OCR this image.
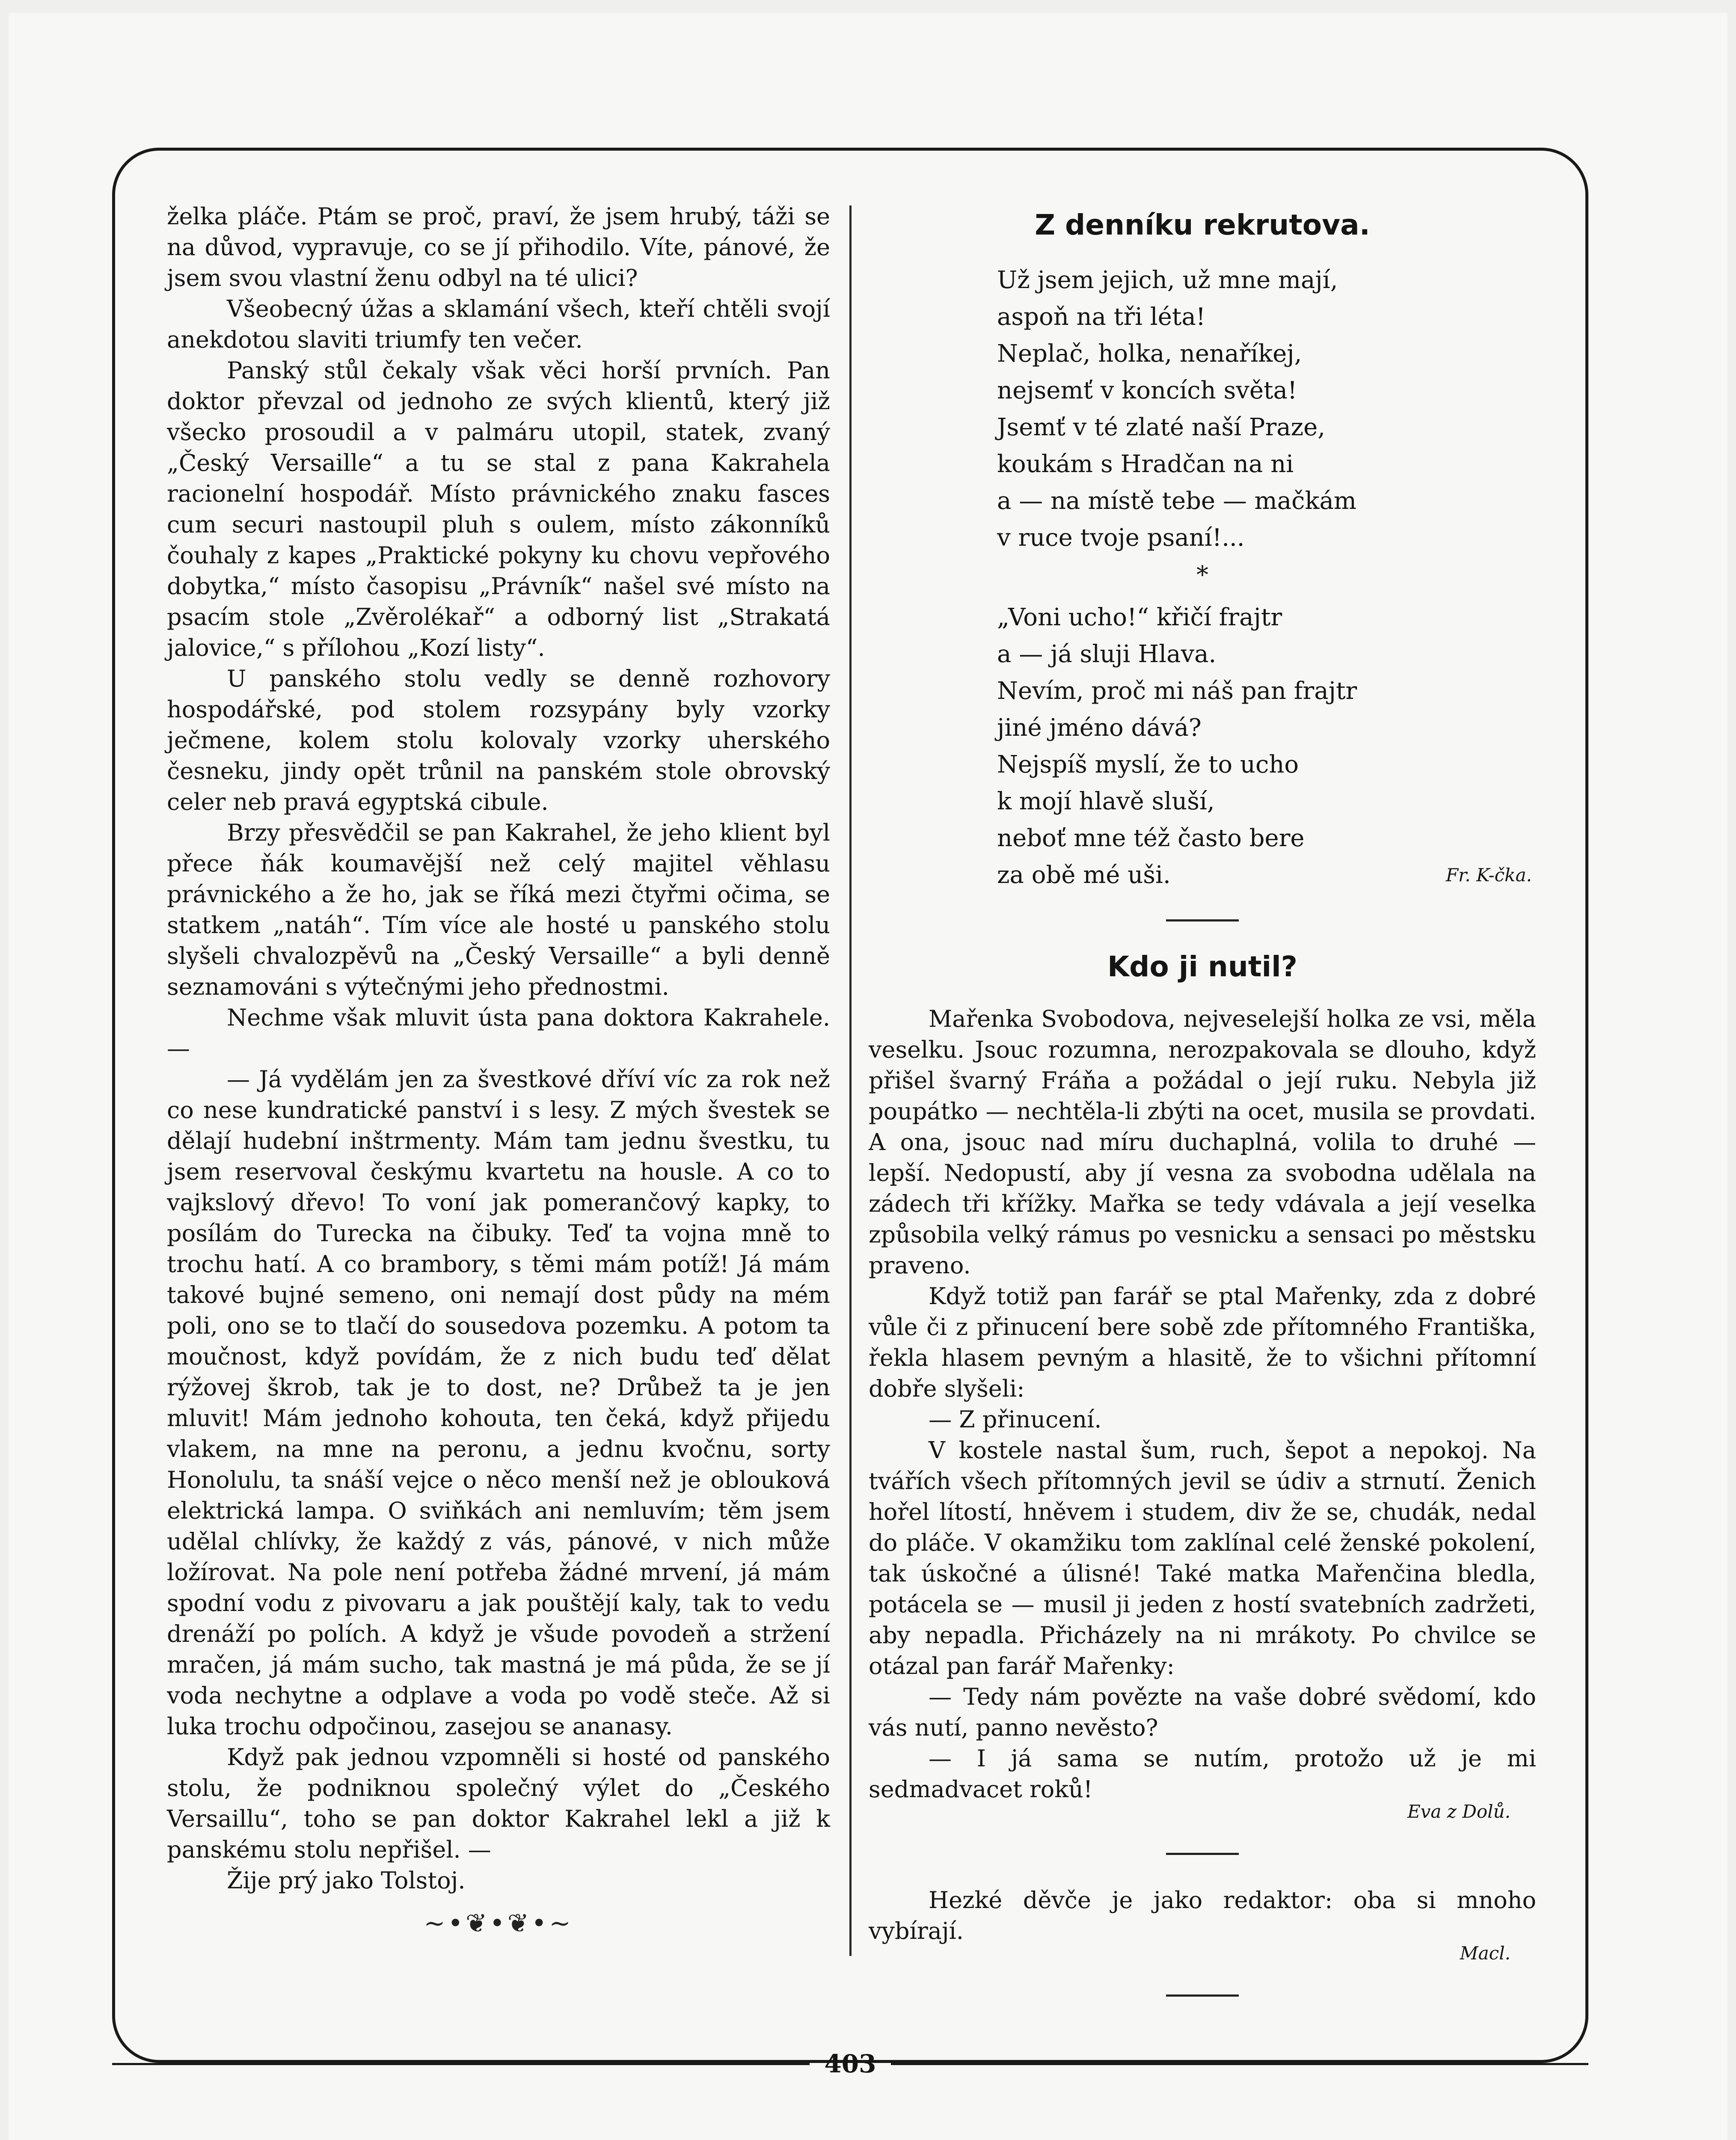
želka pláče. Ptám se proč, praví, že jsem hrubý, táži se na důvod, vypravuje, co se jí přihodilo. Víte, pánové, že jsem svou vlastní ženu odbyl na té ulici?

Všeobecný úžas a sklamání všech, kteří chtěli svojí anekdotou slaviti triumfy ten večer.

Panský stůl čekaly však věci horší prvních. Pan doktor převzal od jednoho ze svých klientů, který již všecko prosoudil a v palmáru utopil, statek, zvaný „Český Versaille“ a tu se stal z pana Kakrahela racionelní hospodář. Místo právnického znaku fasces cum securi nastoupil pluh s oulem, místo zákonníků čouhaly z kapes „Praktické pokyny ku chovu vepřového dobytka,“ místo časopisu „Právník“ našel své místo na psacím stole „Zvěrolékař“ a odborný list „Strakatá jalovice,“ s přílohou „Kozí listy“.

U panského stolu vedly se denně rozhovory hospodářské, pod stolem rozsypány byly vzorky ječmene, kolem stolu kolovaly vzorky uherského česneku, jindy opět trůnil na panském stole obrovský celer neb pravá egyptská cibule.

Brzy přesvědčil se pan Kakrahel, že jeho klient byl přece ňák koumavější než celý majitel věhlasu právnického a že ho, jak se říká mezi čtyřmi očima, se statkem „natáh“. Tím více ale hosté u panského stolu slyšeli chvalozpěvů na „Český Versaille“ a byli denně seznamováni s výtečnými jeho přednostmi.

Nechme však mluvit ústa pana doktora Kakrahele. —

— Já vydělám jen za švestkové dříví víc za rok než co nese kundratické panství i s lesy. Z mých švestek se dělají hudební inštrmenty. Mám tam jednu švestku, tu jsem reservoval českýmu kvartetu na housle. A co to vajkslový dřevo! To voní jak pomerančový kapky, to posílám do Turecka na čibuky. Teď ta vojna mně to trochu hatí. A co brambory, s těmi mám potíž! Já mám takové bujné semeno, oni nemají dost půdy na mém poli, ono se to tlačí do sousedova pozemku. A potom ta moučnost, když povídám, že z nich budu teď dělat rýžovej škrob, tak je to dost, ne? Drůbež ta je jen mluvit! Mám jednoho kohouta, ten čeká, když přijedu vlakem, na mne na peronu, a jednu kvočnu, sorty Honolulu, ta snáší vejce o něco menší než je oblouková elektrická lampa. O sviňkách ani nemluvím; těm jsem udělal chlívky, že každý z vás, pánové, v nich může ložírovat. Na pole není potřeba žádné mrvení, já mám spodní vodu z pivovaru a jak pouštějí kaly, tak to vedu drenáží po polích. A když je všude povodeň a stržení mračen, já mám sucho, tak mastná je má půda, že se jí voda nechytne a odplave a voda po vodě steče. Až si luka trochu odpočinou, zasejou se ananasy.

Když pak jednou vzpomněli si hosté od panského stolu, že podniknou společný výlet do „Českého Versaillu“, toho se pan doktor Kakrahel lekl a již k panskému stolu nepřišel. —

Žije prý jako Tolstoj.

~•❦•❦•~
Z denníku rekrutova.
Už jsem jejich, už mne mají,
aspoň na tři léta!
Neplač, holka, nenaříkej,
nejsemť v koncích světa!
Jsemť v té zlaté naší Praze,
koukám s Hradčan na ni
a — na místě tebe — mačkám
v ruce tvoje psaní!...
*
„Voni ucho!“ křičí frajtr
a — já sluji Hlava.
Nevím, proč mi náš pan frajtr
jiné jméno dává?
Nejspíš myslí, že to ucho
k mojí hlavě sluší,
neboť mne též často bere
za obě mé uši.	Fr. K-čka.
Kdo ji nutil?

Mařenka Svobodova, nejveselejší holka ze vsi, měla veselku. Jsouc rozumna, nerozpakovala se dlouho, když přišel švarný Fráňa a požádal o její ruku. Nebyla již poupátko — nechtěla-li zbýti na ocet, musila se provdati. A ona, jsouc nad míru duchaplná, volila to druhé — lepší. Nedopustí, aby jí vesna za svobodna udělala na zádech tři křížky. Mařka se tedy vdávala a její veselka způsobila velký rámus po vesnicku a sensaci po městsku praveno.

Když totiž pan farář se ptal Mařenky, zda z dobré vůle či z přinucení bere sobě zde přítomného Františka, řekla hlasem pevným a hlasitě, že to všichni přítomní dobře slyšeli:

— Z přinucení.

V kostele nastal šum, ruch, šepot a nepokoj. Na tvářích všech přítomných jevil se údiv a strnutí. Ženich hořel lítostí, hněvem i studem, div že se, chudák, nedal do pláče. V okamžiku tom zaklínal celé ženské pokolení, tak úskočné a úlisné! Také matka Mařenčina bledla, potácela se — musil ji jeden z hostí svatebních zadržeti, aby nepadla. Přicházely na ni mrákoty. Po chvilce se otázal pan farář Mařenky:

— Tedy nám povězte na vaše dobré svědomí, kdo vás nutí, panno nevěsto?

— I já sama se nutím, protožo už je mi sedmadvacet roků!

Eva z Dolů.

Hezké děvče je jako redaktor: oba si mnoho vybírají.

Macl.
403
